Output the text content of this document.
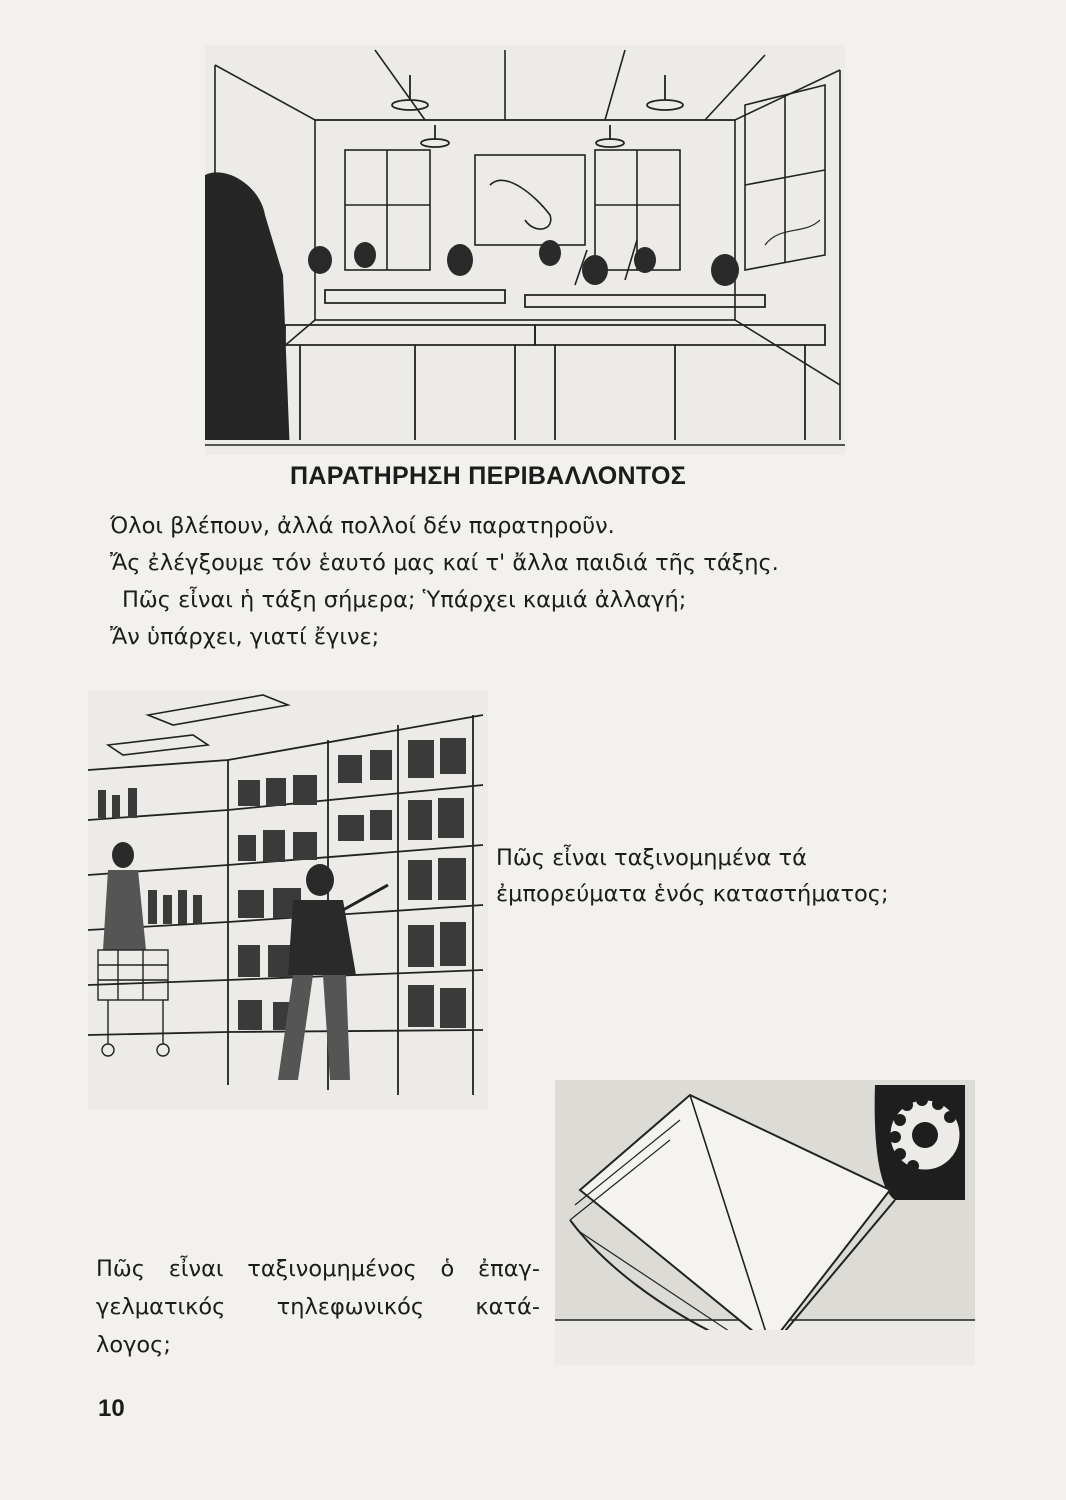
ΠΑΡΑΤΗΡΗΣΗ ΠΕΡΙΒΑΛΛΟΝΤΟΣ

Όλοι βλέπουν, ἀλλά πολλοί δέν παρατηροῦν.

Ἄς ἐλέγξουμε τόν ἑαυτό μας καί τ' ἄλλα παιδιά τῆς τάξης.

Πῶς εἶναι ἡ τάξη σήμερα; Ὑπάρχει καμιά ἀλλαγή;

Ἄν ὑπάρχει, γιατί ἔγινε;

Πῶς εἶναι ταξινομημένα τά

ἐμπορεύματα ἑνός καταστήματος;

Πῶς εἶναι ταξινομημένος ὁ ἐπαγ-

γελματικός τηλεφωνικός κατά-

λογος;

10
